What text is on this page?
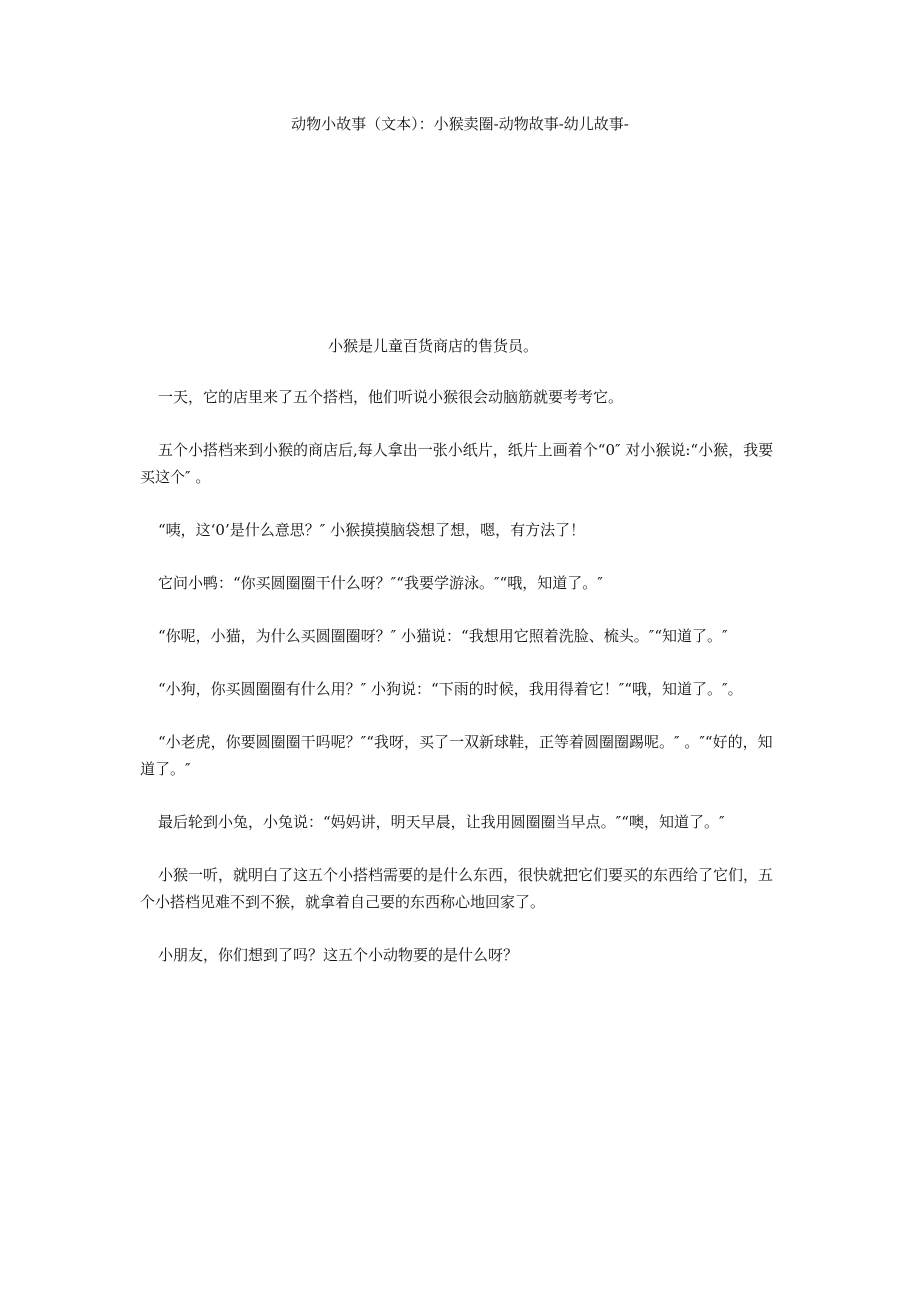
动物小故事（文本）：小猴卖圈-动物故事-幼儿故事-
小猴是儿童百货商店的售货员。

一天，它的店里来了五个搭档，他们听说小猴很会动脑筋就要考考它。

五个小搭档来到小猴的商店后,每人拿出一张小纸片，纸片上画着个“0″ 对小猴说:“小猴，我要买这个″ 。

“咦，这‘0’是什么意思？″ 小猴摸摸脑袋想了想，嗯，有方法了！

它问小鸭：“你买圆圈圈干什么呀？″“我要学游泳。″“哦，知道了。″

“你呢，小猫，为什么买圆圈圈呀？″ 小猫说：“我想用它照着洗脸、梳头。″“知道了。″

“小狗，你买圆圈圈有什么用？″ 小狗说：“下雨的时候，我用得着它！″“哦，知道了。″。

“小老虎，你要圆圈圈干吗呢？″“我呀，买了一双新球鞋，正等着圆圈圈踢呢。″ 。″“好的，知道了。″

最后轮到小兔，小兔说：“妈妈讲，明天早晨，让我用圆圈圈当早点。″“噢，知道了。″

小猴一听，就明白了这五个小搭档需要的是什么东西，很快就把它们要买的东西给了它们，五个小搭档见难不到不猴，就拿着自己要的东西称心地回家了。

小朋友，你们想到了吗？这五个小动物要的是什么呀？
